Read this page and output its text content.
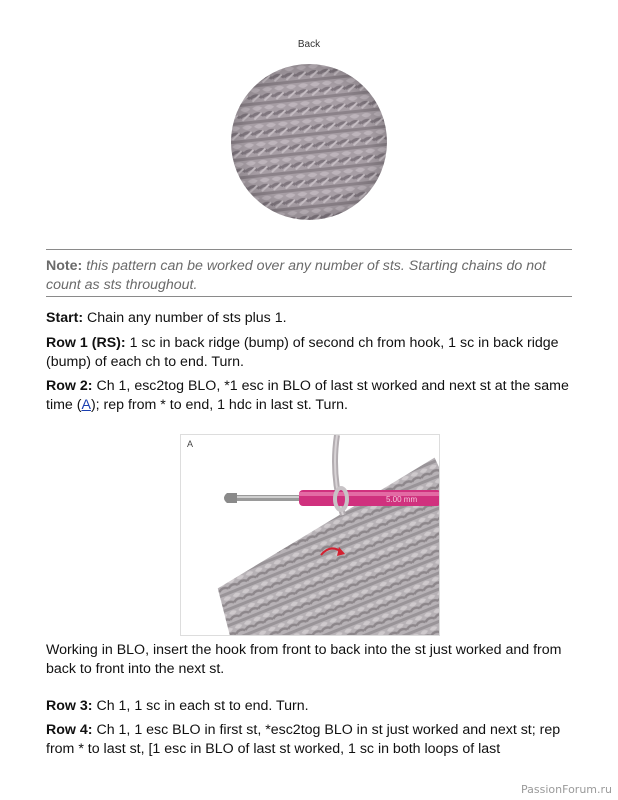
Back
Note: this pattern can be worked over any number of sts. Starting chains do not count as sts throughout.
Start: Chain any number of sts plus 1.
Row 1 (RS): 1 sc in back ridge (bump) of second ch from hook, 1 sc in back ridge (bump) of each ch to end. Turn.
Row 2: Ch 1, esc2tog BLO, *1 esc in BLO of last st worked and next st at the same time (A); rep from * to end, 1 hdc in last st. Turn.
5.00 mm
A
Working in BLO, insert the hook from front to back into the st just worked and from back to front into the next st.
Row 3: Ch 1, 1 sc in each st to end. Turn.
Row 4: Ch 1, 1 esc BLO in first st, *esc2tog BLO in st just worked and next st; rep from * to last st, [1 esc in BLO of last st worked, 1 sc in both loops of last
PassionForum.ru
